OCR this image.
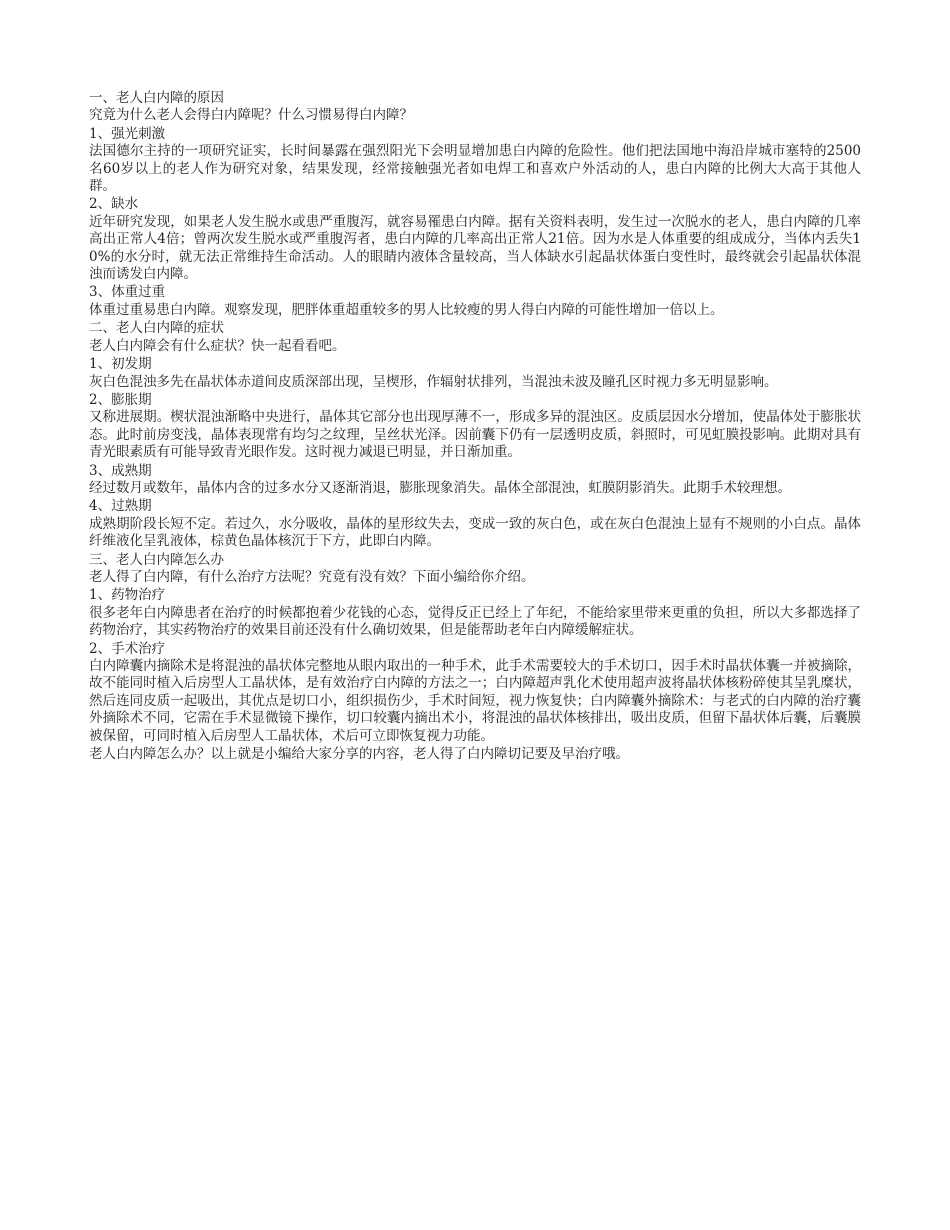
一、老人白内障的原因

究竟为什么老人会得白内障呢？什么习惯易得白内障？

1、强光刺激

法国德尔主持的一项研究证实，长时间暴露在强烈阳光下会明显增加患白内障的危险性。他们把法国地中海沿岸城市塞特的2500名60岁以上的老人作为研究对象，结果发现，经常接触强光者如电焊工和喜欢户外活动的人，患白内障的比例大大高于其他人群。

2、缺水

近年研究发现，如果老人发生脱水或患严重腹泻，就容易罹患白内障。据有关资料表明，发生过一次脱水的老人，患白内障的几率高出正常人4倍；曾两次发生脱水或严重腹泻者，患白内障的几率高出正常人21倍。因为水是人体重要的组成成分，当体内丢失10%的水分时，就无法正常维持生命活动。人的眼睛内液体含量较高，当人体缺水引起晶状体蛋白变性时，最终就会引起晶状体混浊而诱发白内障。

3、体重过重

体重过重易患白内障。观察发现，肥胖体重超重较多的男人比较瘦的男人得白内障的可能性增加一倍以上。

二、老人白内障的症状

老人白内障会有什么症状？快一起看看吧。

1、初发期

灰白色混浊多先在晶状体赤道间皮质深部出现，呈楔形，作辐射状排列，当混浊未波及瞳孔区时视力多无明显影响。

2、膨胀期

又称进展期。楔状混浊渐略中央进行，晶体其它部分也出现厚薄不一，形成多异的混浊区。皮质层因水分增加，使晶体处于膨胀状态。此时前房变浅，晶体表现常有均匀之纹理，呈丝状光泽。因前囊下仍有一层透明皮质，斜照时，可见虹膜投影响。此期对具有青光眼素质有可能导致青光眼作发。这时视力减退已明显，并日渐加重。

3、成熟期

经过数月或数年，晶体内含的过多水分又逐渐消退，膨胀现象消失。晶体全部混浊，虹膜阴影消失。此期手术较理想。

4、过熟期

成熟期阶段长短不定。若过久，水分吸收，晶体的星形纹失去，变成一致的灰白色，或在灰白色混浊上显有不规则的小白点。晶体纤维液化呈乳液体，棕黄色晶体核沉于下方，此即白内障。

三、老人白内障怎么办

老人得了白内障，有什么治疗方法呢？究竟有没有效？下面小编给你介绍。

1、药物治疗

很多老年白内障患者在治疗的时候都抱着少花钱的心态，觉得反正已经上了年纪，不能给家里带来更重的负担，所以大多都选择了药物治疗，其实药物治疗的效果目前还没有什么确切效果，但是能帮助老年白内障缓解症状。

2、手术治疗

白内障囊内摘除术是将混浊的晶状体完整地从眼内取出的一种手术，此手术需要较大的手术切口，因手术时晶状体囊一并被摘除，故不能同时植入后房型人工晶状体，是有效治疗白内障的方法之一；白内障超声乳化术使用超声波将晶状体核粉碎使其呈乳糜状，然后连同皮质一起吸出，其优点是切口小，组织损伤少，手术时间短，视力恢复快；白内障囊外摘除术：与老式的白内障的治疗囊外摘除术不同，它需在手术显微镜下操作，切口较囊内摘出术小，将混浊的晶状体核排出，吸出皮质，但留下晶状体后囊，后囊膜被保留，可同时植入后房型人工晶状体，术后可立即恢复视力功能。

老人白内障怎么办？以上就是小编给大家分享的内容，老人得了白内障切记要及早治疗哦。
